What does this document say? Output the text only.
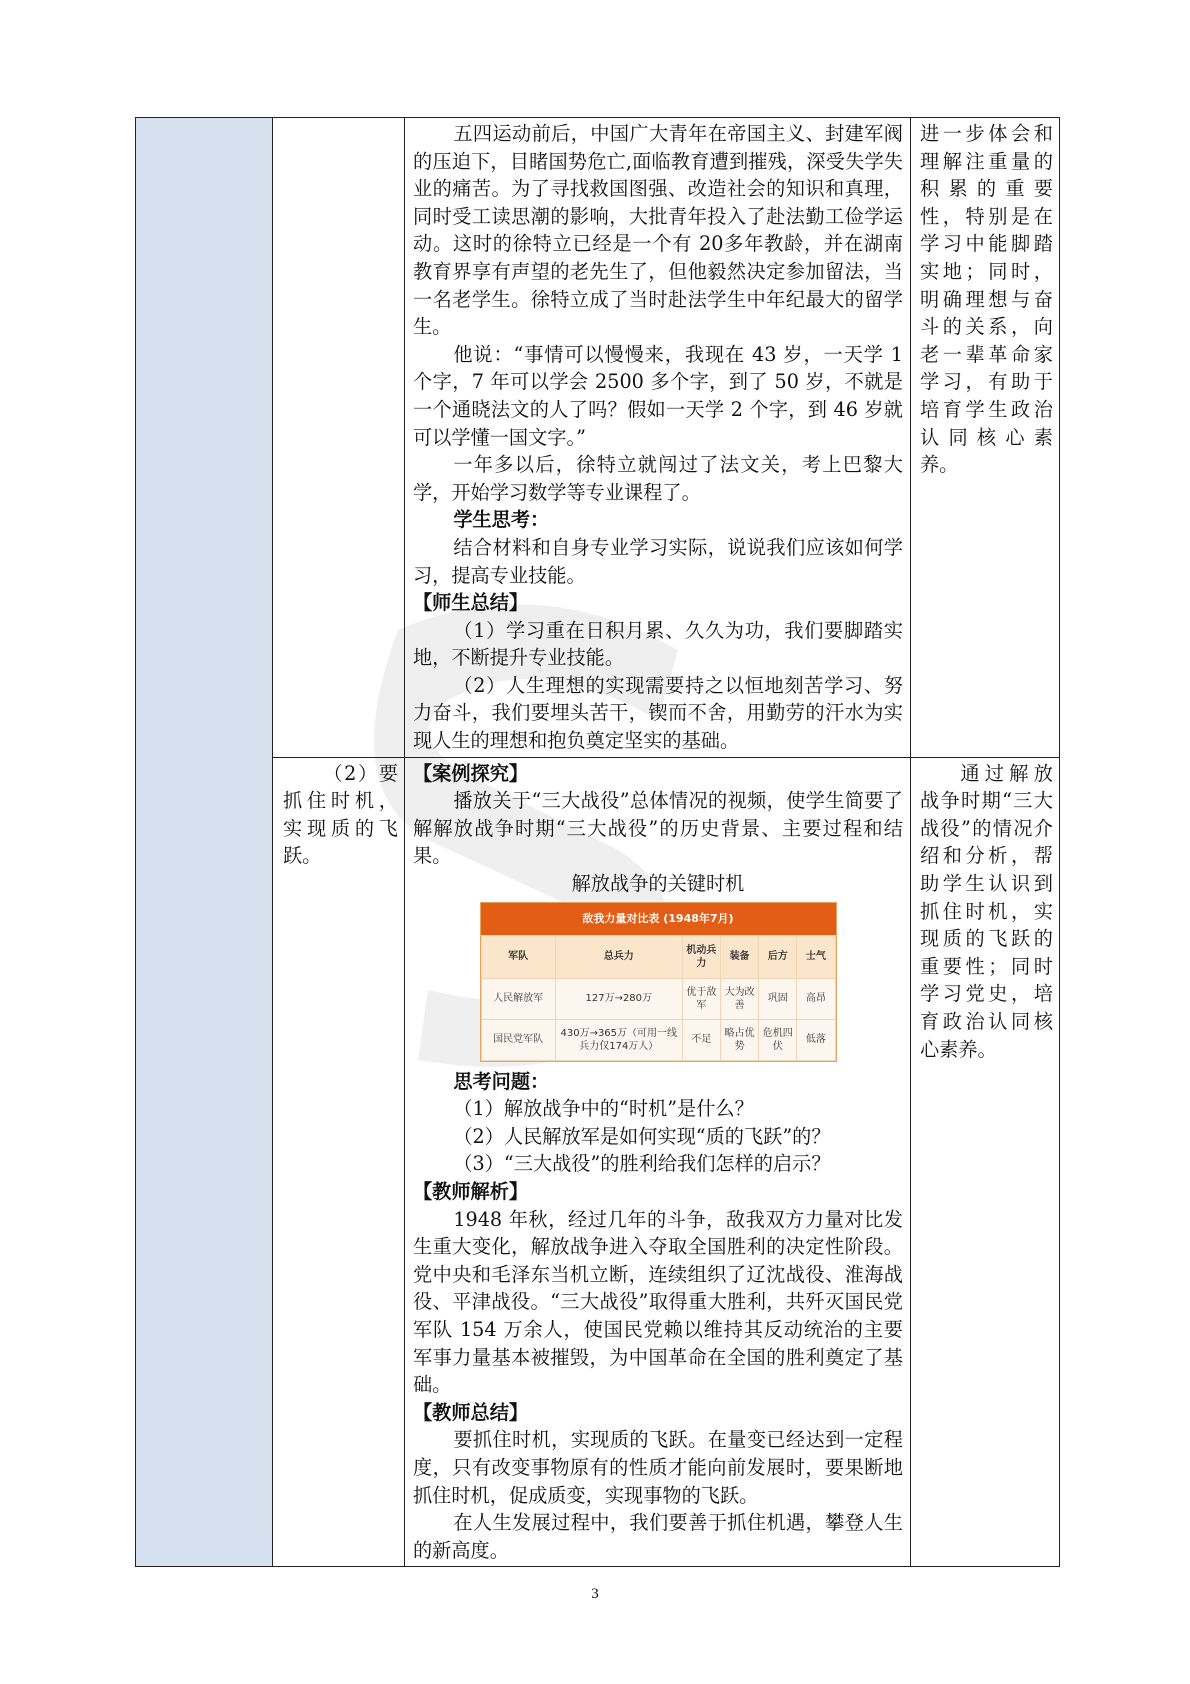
五四运动前后，中国广大青年在帝国主义、封建军阀的压迫下，目睹国势危亡,面临教育遭到摧残，深受失学失业的痛苦。为了寻找救国图强、改造社会的知识和真理，同时受工读思潮的影响，大批青年投入了赴法勤工俭学运动。这时的徐特立已经是一个有 20多年教龄，并在湖南教育界享有声望的老先生了，但他毅然决定参加留法，当一名老学生。徐特立成了当时赴法学生中年纪最大的留学生。

他说：“事情可以慢慢来，我现在 43 岁，一天学 1 个字，7 年可以学会 2500 多个字，到了 50 岁，不就是一个通晓法文的人了吗？假如一天学 2 个字，到 46 岁就可以学懂一国文字。”

一年多以后，徐特立就闯过了法文关，考上巴黎大学，开始学习数学等专业课程了。

学生思考：

结合材料和自身专业学习实际，说说我们应该如何学习，提高专业技能。

【师生总结】

（1）学习重在日积月累、久久为功，我们要脚踏实地，不断提升专业技能。

（2）人生理想的实现需要持之以恒地刻苦学习、努力奋斗，我们要埋头苦干，锲而不舍，用勤劳的汗水为实现人生的理想和抱负奠定坚实的基础。

进一步体会和理解注重量的积累的重要性，特别是在学习中能脚踏实地；同时，明确理想与奋斗的关系，向老一辈革命家学习，有助于培育学生政治认同核心素养。

（2）要抓住时机，实现质的飞跃。

【案例探究】

播放关于“三大战役”总体情况的视频，使学生简要了解解放战争时期“三大战役”的历史背景、主要过程和结果。

解放战争的关键时机

敌我力量对比表 (1948年7月)
军队	总兵力	机动兵力	装备	后方	士气
人民解放军	127万→280万	优于敌军	大为改善	巩固	高昂
国民党军队	430万→365万（可用一线兵力仅174万人）	不足	略占优势	危机四伏	低落

思考问题：

（1）解放战争中的“时机”是什么？

（2）人民解放军是如何实现“质的飞跃”的？

（3）“三大战役”的胜利给我们怎样的启示？

【教师解析】

1948 年秋，经过几年的斗争，敌我双方力量对比发生重大变化，解放战争进入夺取全国胜利的决定性阶段。党中央和毛泽东当机立断，连续组织了辽沈战役、淮海战役、平津战役。“三大战役”取得重大胜利，共歼灭国民党军队 154 万余人，使国民党赖以维持其反动统治的主要军事力量基本被摧毁，为中国革命在全国的胜利奠定了基础。

【教师总结】

要抓住时机，实现质的飞跃。在量变已经达到一定程度，只有改变事物原有的性质才能向前发展时，要果断地抓住时机，促成质变，实现事物的飞跃。

在人生发展过程中，我们要善于抓住机遇，攀登人生的新高度。

通过解放战争时期“三大战役”的情况介绍和分析，帮助学生认识到抓住时机，实现质的飞跃的重要性；同时学习党史，培育政治认同核心素养。

3
